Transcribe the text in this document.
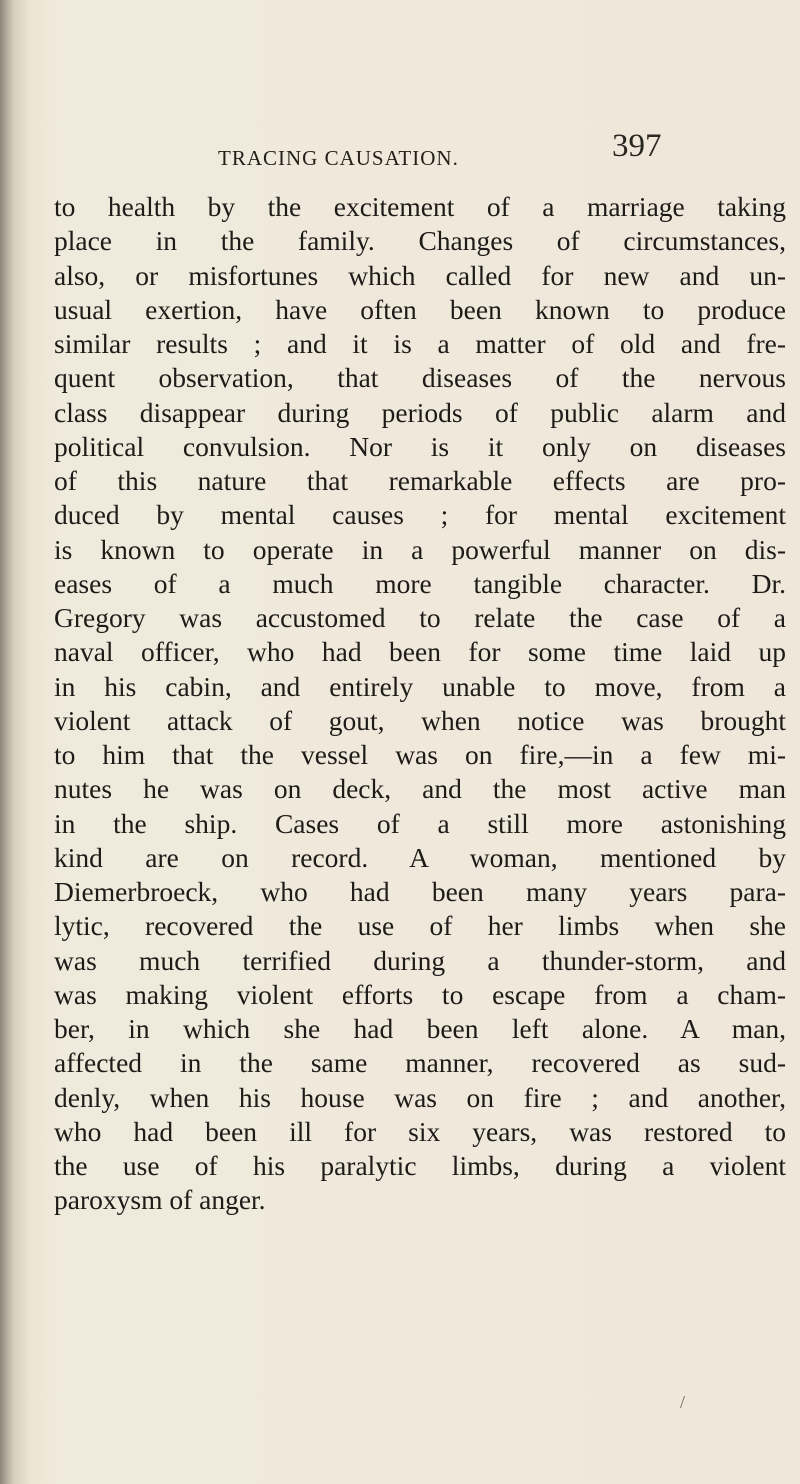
TRACING CAUSATION.	397
to health by the excitement of a marriage taking
place in the family. Changes of circumstances,
also, or misfortunes which called for new and un-
usual exertion, have often been known to produce
similar results ; and it is a matter of old and fre-
quent observation, that diseases of the nervous
class disappear during periods of public alarm and
political convulsion. Nor is it only on diseases
of this nature that remarkable effects are pro-
duced by mental causes ; for mental excitement
is known to operate in a powerful manner on dis-
eases of a much more tangible character. Dr.
Gregory was accustomed to relate the case of a
naval officer, who had been for some time laid up
in his cabin, and entirely unable to move, from a
violent attack of gout, when notice was brought
to him that the vessel was on fire,—in a few mi-
nutes he was on deck, and the most active man
in the ship. Cases of a still more astonishing
kind are on record. A woman, mentioned by
Diemerbroeck, who had been many years para-
lytic, recovered the use of her limbs when she
was much terrified during a thunder-storm, and
was making violent efforts to escape from a cham-
ber, in which she had been left alone. A man,
affected in the same manner, recovered as sud-
denly, when his house was on fire ; and another,
who had been ill for six years, was restored to
the use of his paralytic limbs, during a violent
paroxysm of anger.
/
